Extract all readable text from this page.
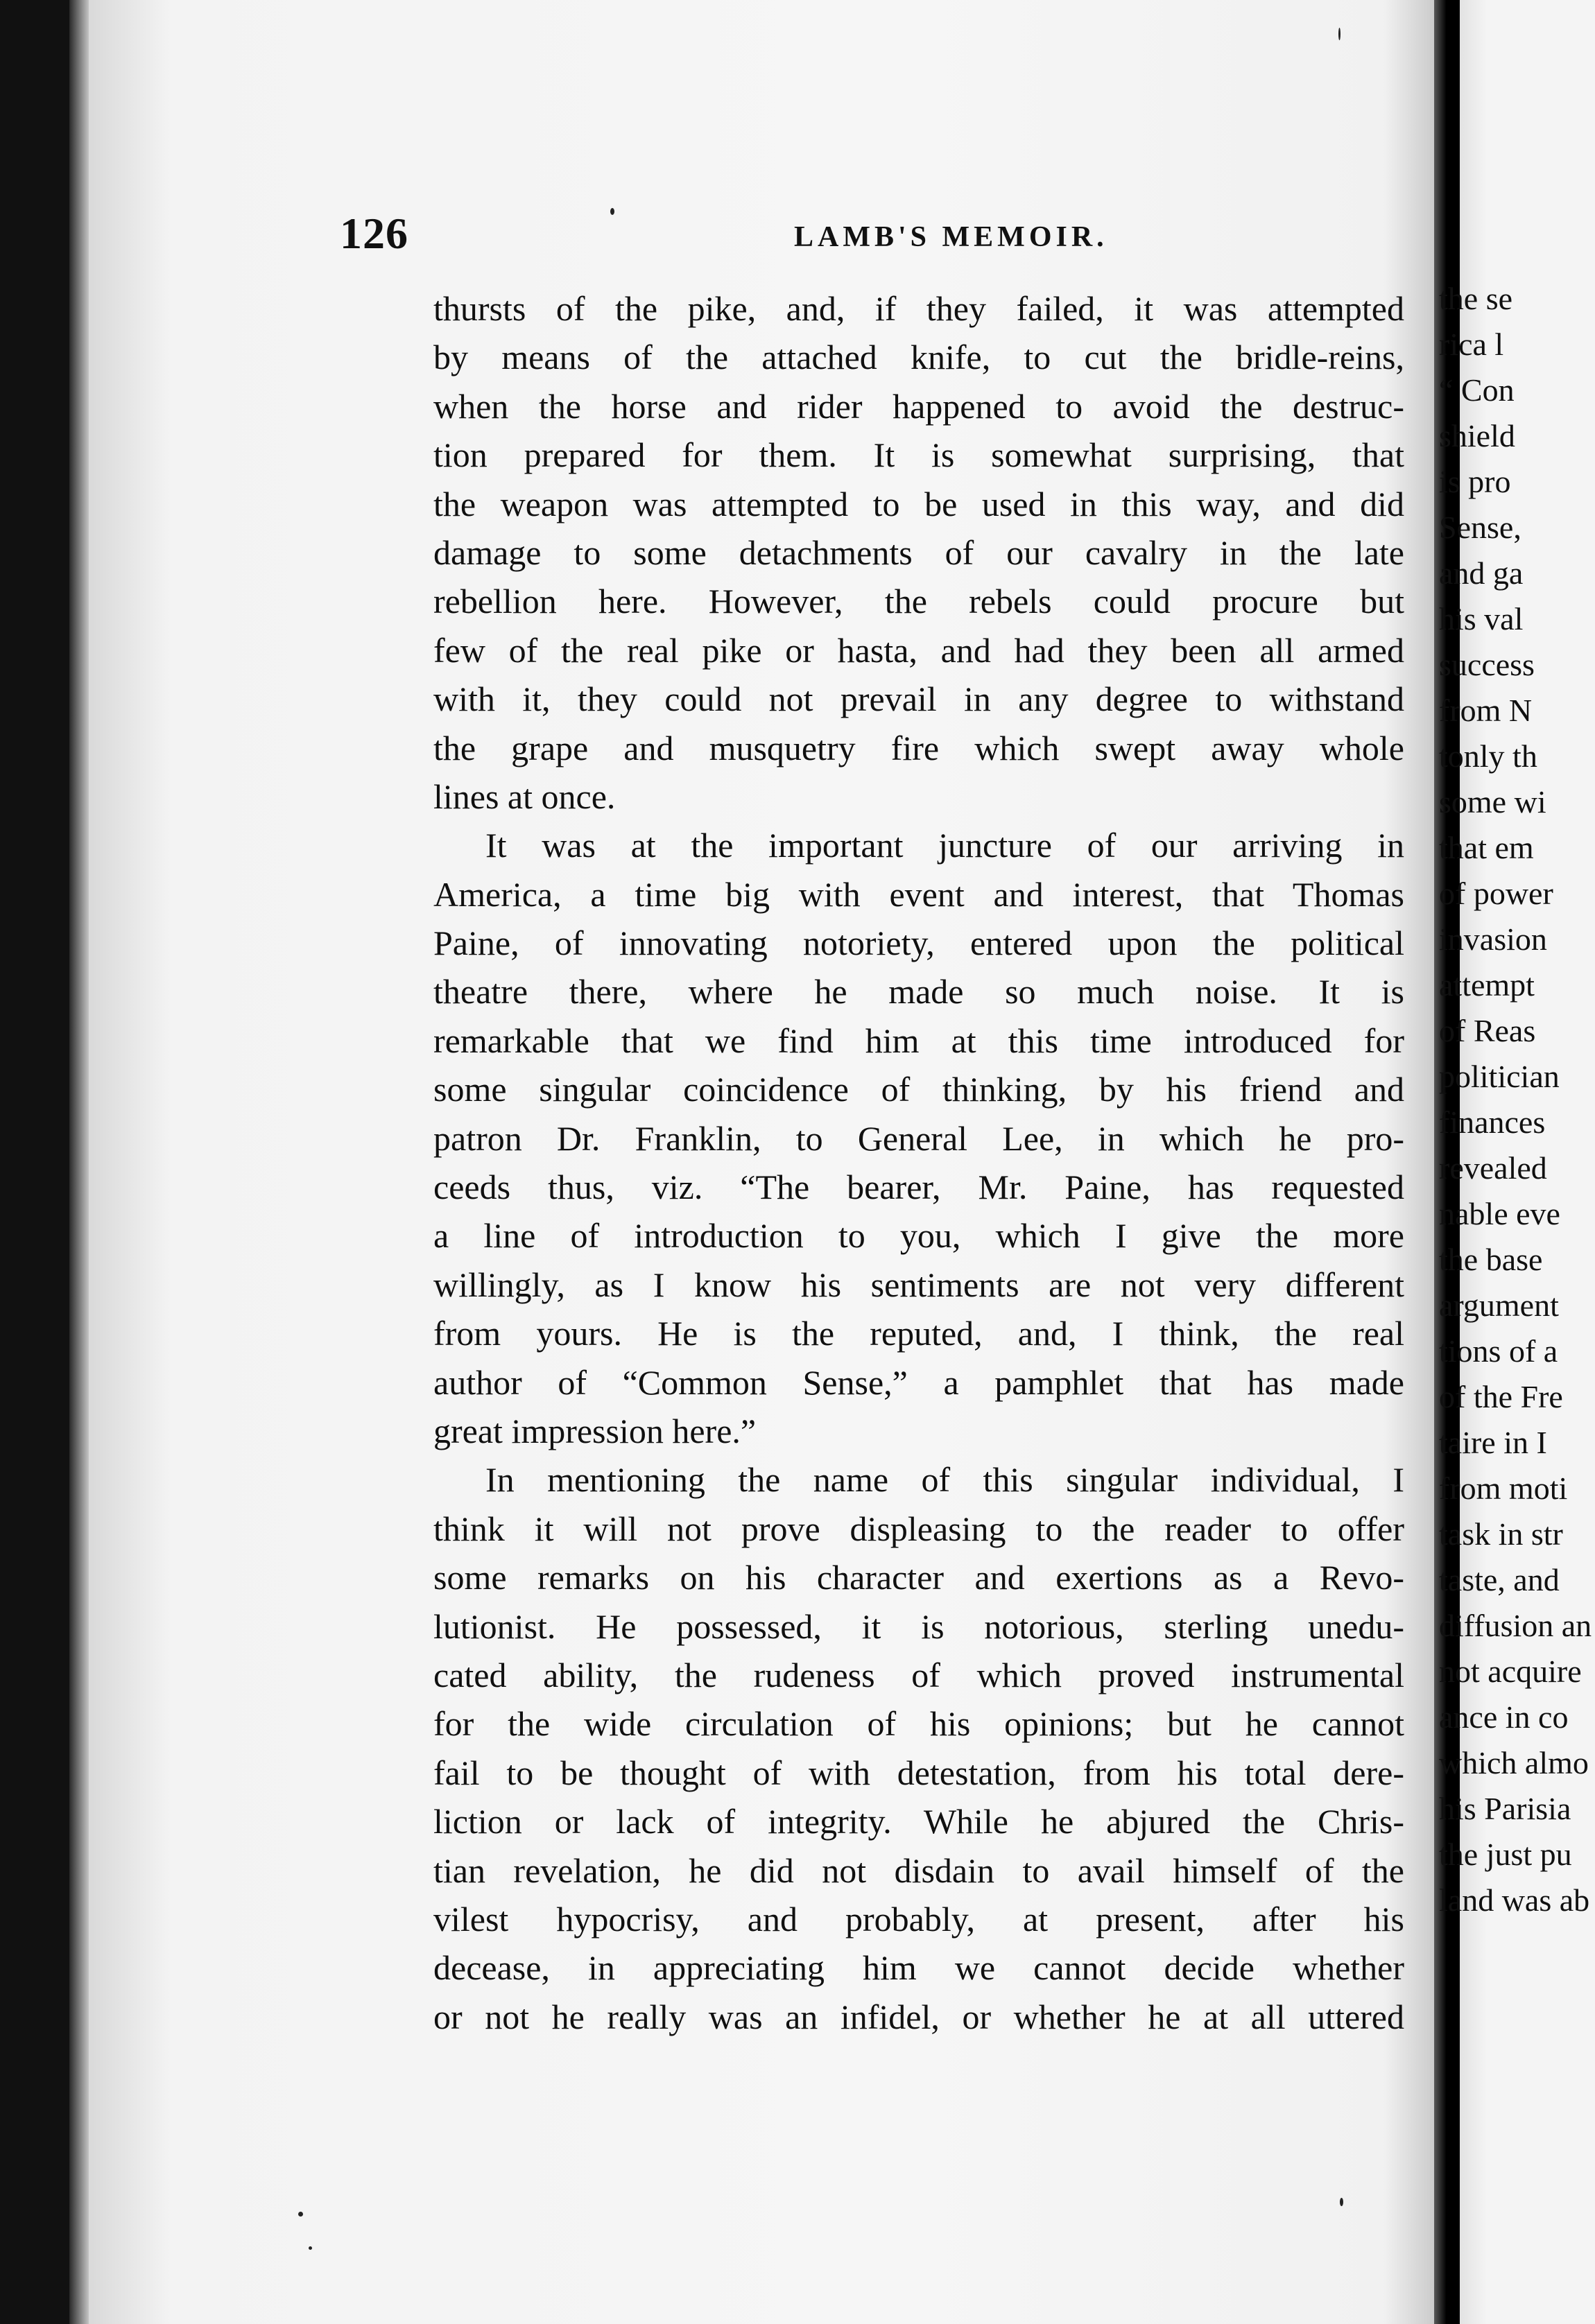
126	LAMB'S MEMOIR.
thursts of the pike, and, if they failed, it was attempted
by means of the attached knife, to cut the bridle-reins,
when the horse and rider happened to avoid the destruc-
tion prepared for them. It is somewhat surprising, that
the weapon was attempted to be used in this way, and did
damage to some detachments of our cavalry in the late
rebellion here. However, the rebels could procure but
few of the real pike or hasta, and had they been all armed
with it, they could not prevail in any degree to withstand
the grape and musquetry fire which swept away whole
lines at once.
It was at the important juncture of our arriving in
America, a time big with event and interest, that Thomas
Paine, of innovating notoriety, entered upon the political
theatre there, where he made so much noise. It is
remarkable that we find him at this time introduced for
some singular coincidence of thinking, by his friend and
patron Dr. Franklin, to General Lee, in which he pro-
ceeds thus, viz. “The bearer, Mr. Paine, has requested
a line of introduction to you, which I give the more
willingly, as I know his sentiments are not very different
from yours. He is the reputed, and, I think, the real
author of “Common Sense,” a pamphlet that has made
great impression here.”
In mentioning the name of this singular individual, I
think it will not prove displeasing to the reader to offer
some remarks on his character and exertions as a Revo-
lutionist. He possessed, it is notorious, sterling unedu-
cated ability, the rudeness of which proved instrumental
for the wide circulation of his opinions; but he cannot
fail to be thought of with detestation, from his total dere-
liction or lack of integrity. While he abjured the Chris-
tian revelation, he did not disdain to avail himself of the
vilest hypocrisy, and probably, at present, after his
decease, in appreciating him we cannot decide whether
or not he really was an infidel, or whether he at all uttered
the se
rica l
“ Con
shield
is pro
Sense,
and ga
his val
success
from N
tonly th
some wi
that em
of power
invasion
attempt
of Reas
politician
finances
revealed
nable eve
the base
argument
tions of a
of the Fre
taire in I
from moti
task in str
taste, and
diffusion an
not acquire
ance in co
which almo
his Parisia
the just pu
land was ab
